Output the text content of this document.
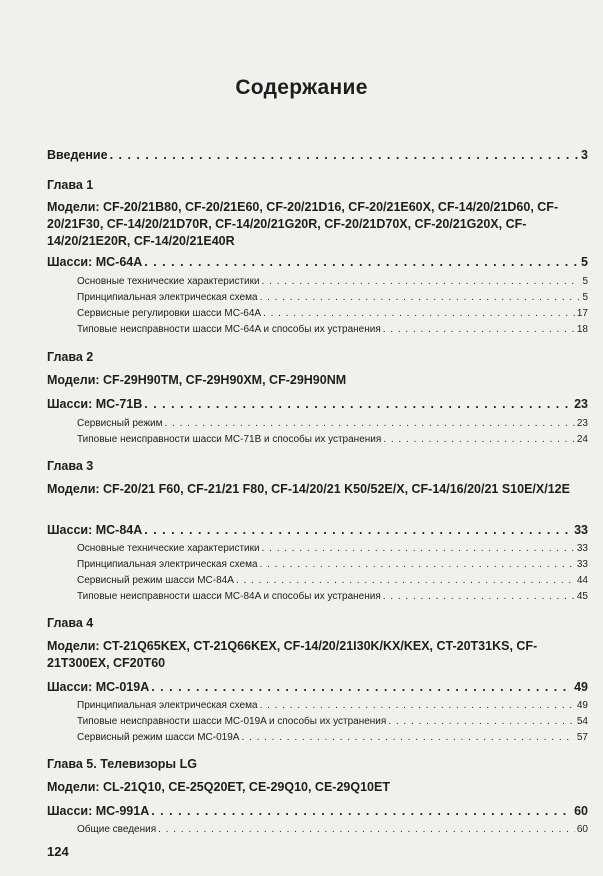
Содержание
Введение . . .	3
Глава 1
Модели: CF-20/21B80, CF-20/21E60, CF-20/21D16, CF-20/21E60X, CF-14/20/21D60, CF-20/21F30, CF-14/20/21D70R, CF-14/20/21G20R, CF-20/21D70X, CF-20/21G20X, CF-14/20/21E20R, CF-14/20/21E40R
Шасси: MC-64A . . .	5
Основные технические характеристики . . .	5
Принципиальная электрическая схема . . .	5
Сервисные регулировки шасси MC-64A . . .	17
Типовые неисправности шасси MC-64A и способы их устранения . . .	18
Глава 2
Модели: CF-29H90TM, CF-29H90XM, CF-29H90NM
Шасси: MC-71B . . .	23
Сервисный режим . . .	23
Типовые неисправности шасси MC-71B и способы их устранения . . .	24
Глава 3
Модели: CF-20/21 F60, CF-21/21 F80, CF-14/20/21 K50/52E/X, CF-14/16/20/21 S10E/X/12E
Шасси: MC-84A . . .	33
Основные технические характеристики . . .	33
Принципиальная электрическая схема . . .	33
Сервисный режим шасси MC-84A . . .	44
Типовые неисправности шасси MC-84A и способы их устранения . . .	45
Глава 4
Модели: CT-21Q65KEX, CT-21Q66KEX, CF-14/20/21I30K/KX/KEX, CT-20T31KS, CF-21T300EX, CF20T60
Шасси: MC-019A . . .	49
Принципиальная электрическая схема . . .	49
Типовые неисправности шасси MC-019A и способы их устранения . . .	54
Сервисный режим шасси MC-019A . . .	57
Глава 5. Телевизоры LG
Модели: CL-21Q10, CE-25Q20ET, CE-29Q10, CE-29Q10ET
Шасси: MC-991A . . .	60
Общие сведения . . .	60
124
